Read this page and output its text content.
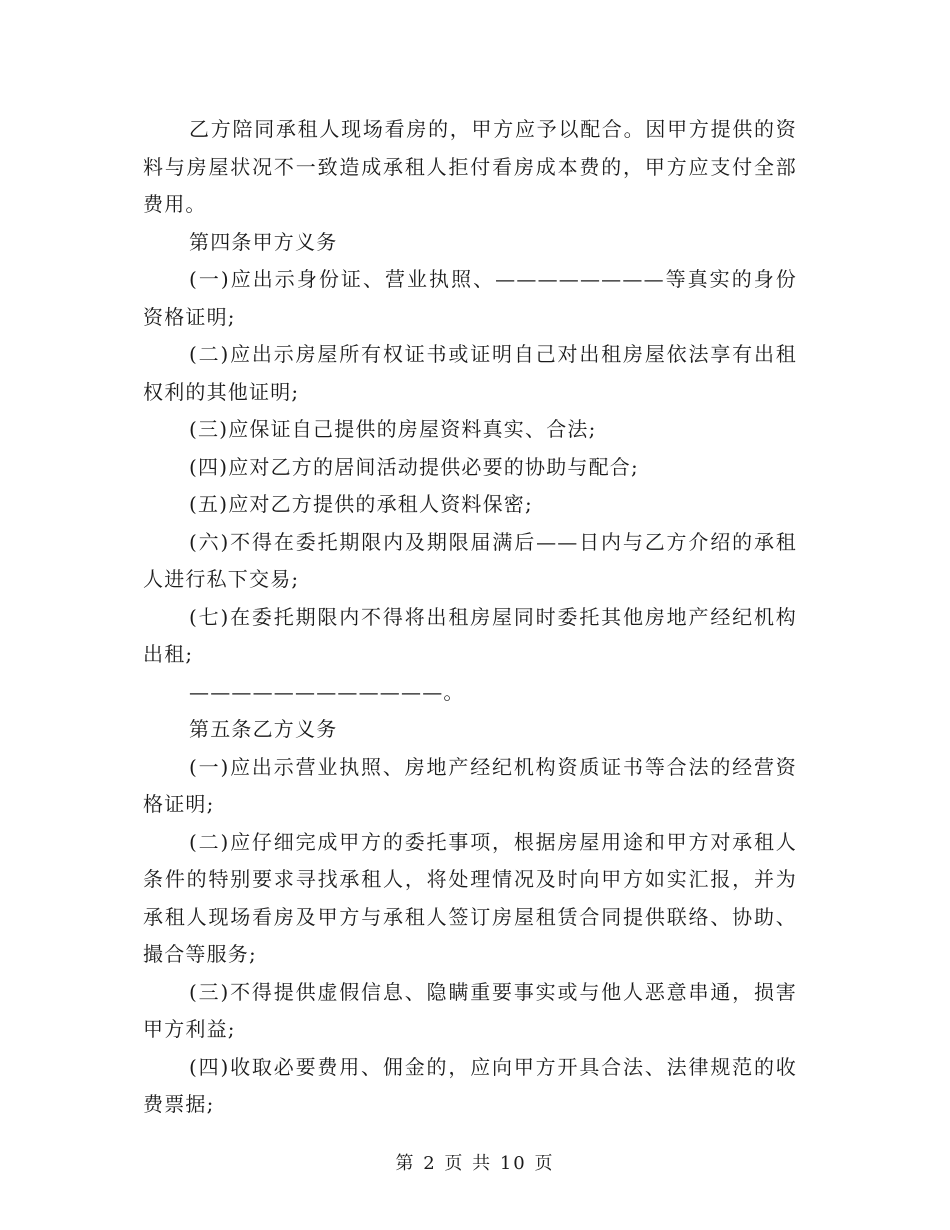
乙方陪同承租人现场看房的，甲方应予以配合。因甲方提供的资料与房屋状况不一致造成承租人拒付看房成本费的，甲方应支付全部费用。

第四条甲方义务

(一)应出示身份证、营业执照、————————等真实的身份资格证明;

(二)应出示房屋所有权证书或证明自己对出租房屋依法享有出租权利的其他证明;

(三)应保证自己提供的房屋资料真实、合法;

(四)应对乙方的居间活动提供必要的协助与配合;

(五)应对乙方提供的承租人资料保密;

(六)不得在委托期限内及期限届满后——日内与乙方介绍的承租人进行私下交易;

(七)在委托期限内不得将出租房屋同时委托其他房地产经纪机构出租;

————————————。

第五条乙方义务

(一)应出示营业执照、房地产经纪机构资质证书等合法的经营资格证明;

(二)应仔细完成甲方的委托事项，根据房屋用途和甲方对承租人条件的特别要求寻找承租人，将处理情况及时向甲方如实汇报，并为承租人现场看房及甲方与承租人签订房屋租赁合同提供联络、协助、撮合等服务;

(三)不得提供虚假信息、隐瞒重要事实或与他人恶意串通，损害甲方利益;

(四)收取必要费用、佣金的，应向甲方开具合法、法律规范的收费票据;

第 2 页 共 10 页
